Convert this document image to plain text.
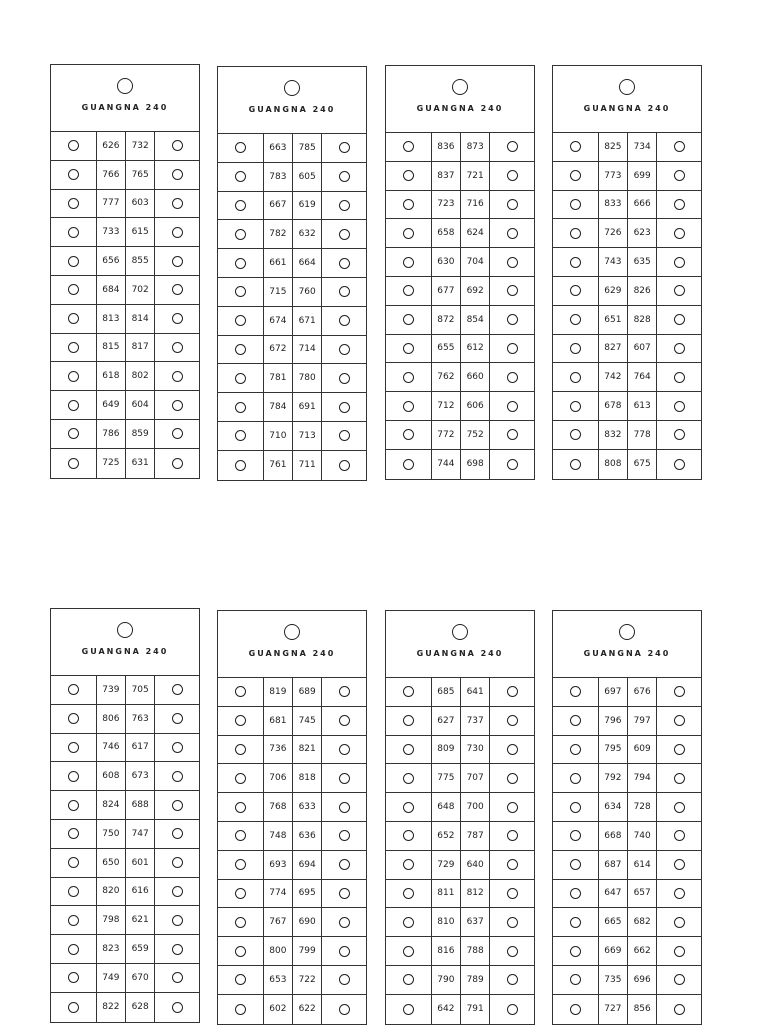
GUANGNA 240
626	732
766	765
777	603
733	615
656	855
684	702
813	814
815	817
618	802
649	604
786	859
725	631
GUANGNA 240
663	785
783	605
667	619
782	632
661	664
715	760
674	671
672	714
781	780
784	691
710	713
761	711
GUANGNA 240
836	873
837	721
723	716
658	624
630	704
677	692
872	854
655	612
762	660
712	606
772	752
744	698
GUANGNA 240
825	734
773	699
833	666
726	623
743	635
629	826
651	828
827	607
742	764
678	613
832	778
808	675
GUANGNA 240
739	705
806	763
746	617
608	673
824	688
750	747
650	601
820	616
798	621
823	659
749	670
822	628
GUANGNA 240
819	689
681	745
736	821
706	818
768	633
748	636
693	694
774	695
767	690
800	799
653	722
602	622
GUANGNA 240
685	641
627	737
809	730
775	707
648	700
652	787
729	640
811	812
810	637
816	788
790	789
642	791
GUANGNA 240
697	676
796	797
795	609
792	794
634	728
668	740
687	614
647	657
665	682
669	662
735	696
727	856
